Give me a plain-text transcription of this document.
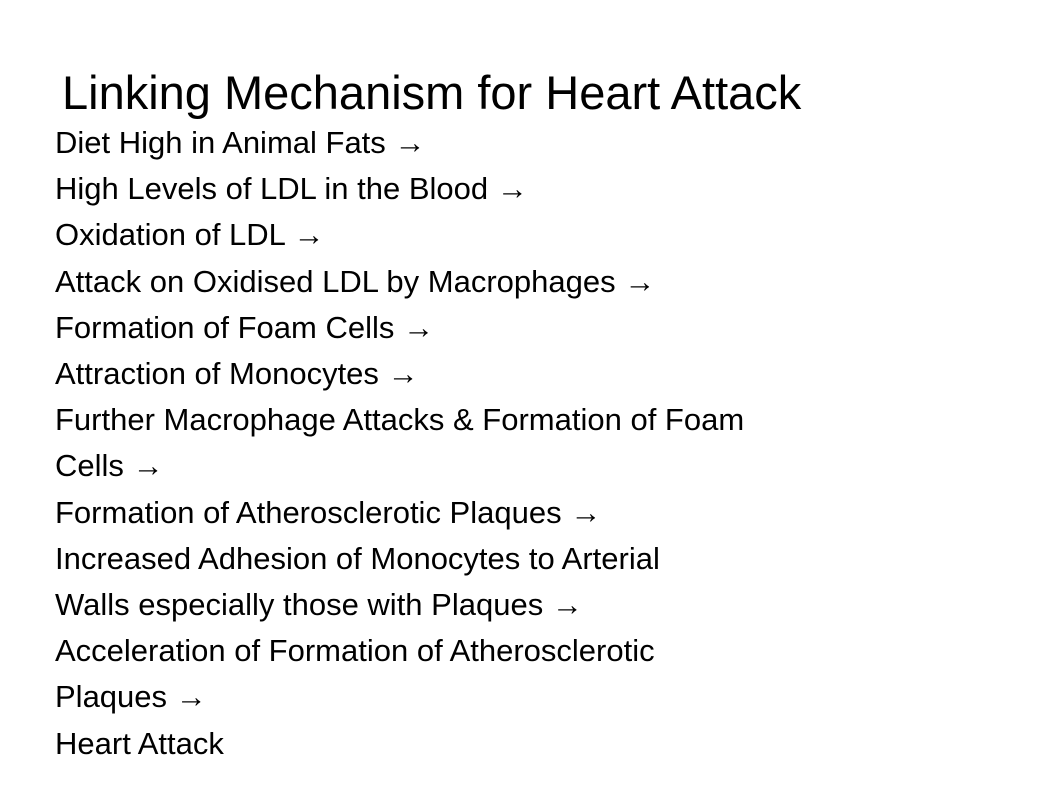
Linking Mechanism for Heart Attack
Diet High in Animal Fats →
High Levels of LDL in the Blood →
Oxidation of LDL →
Attack on Oxidised LDL by Macrophages →
Formation of Foam Cells →
Attraction of Monocytes →
Further Macrophage Attacks & Formation of Foam
Cells →
Formation of Atherosclerotic Plaques →
Increased Adhesion of Monocytes to Arterial
Walls especially those with Plaques →
Acceleration of Formation of Atherosclerotic
Plaques →
Heart Attack
